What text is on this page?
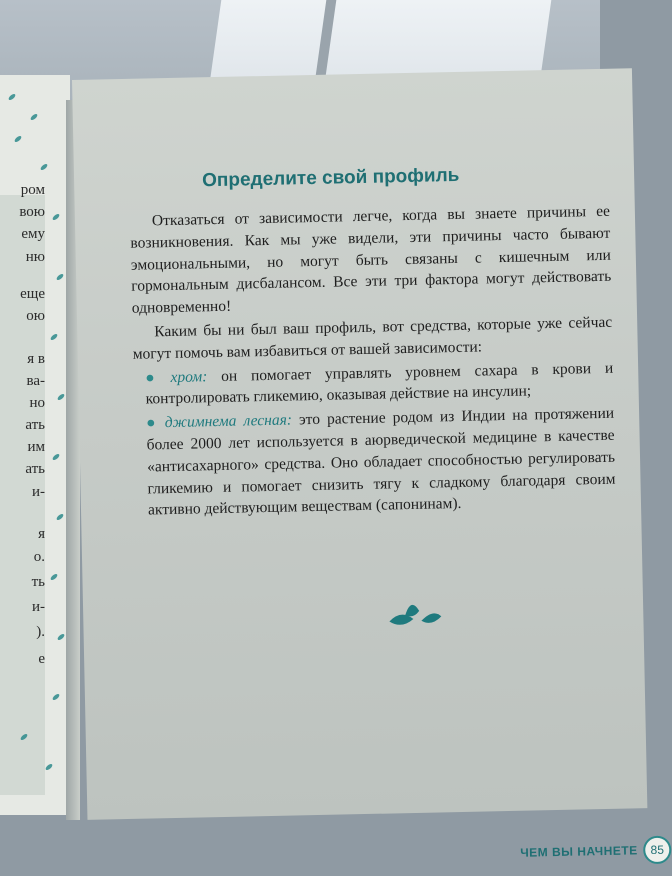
ром
вою
ему
ню
еще
ою
я в
ва-
но
ать
им
ать
и-
я
о.
ть
и-
).
е
Определите свой профиль

Отказаться от зависимости легче, когда вы знаете причины ее возникновения. Как мы уже видели, эти причины часто бывают эмоциональными, но могут быть связаны с кишечным или гормональным дисбалансом. Все эти три фактора могут действовать одновременно!

Каким бы ни был ваш профиль, вот средства, которые уже сейчас могут помочь вам избавиться от вашей зависимости:

● хром: он помогает управлять уровнем сахара в крови и контролировать гликемию, оказывая действие на инсулин;

● джимнема лесная: это растение родом из Индии на протяжении более 2000 лет используется в аюрведической медицине в качестве «антисахарного» средства. Оно обладает способностью регулировать гликемию и помогает снизить тягу к сладкому благодаря своим активно действующим веществам (сапонинам).

ЧЕМ ВЫ НАЧНЕТЕ	85
